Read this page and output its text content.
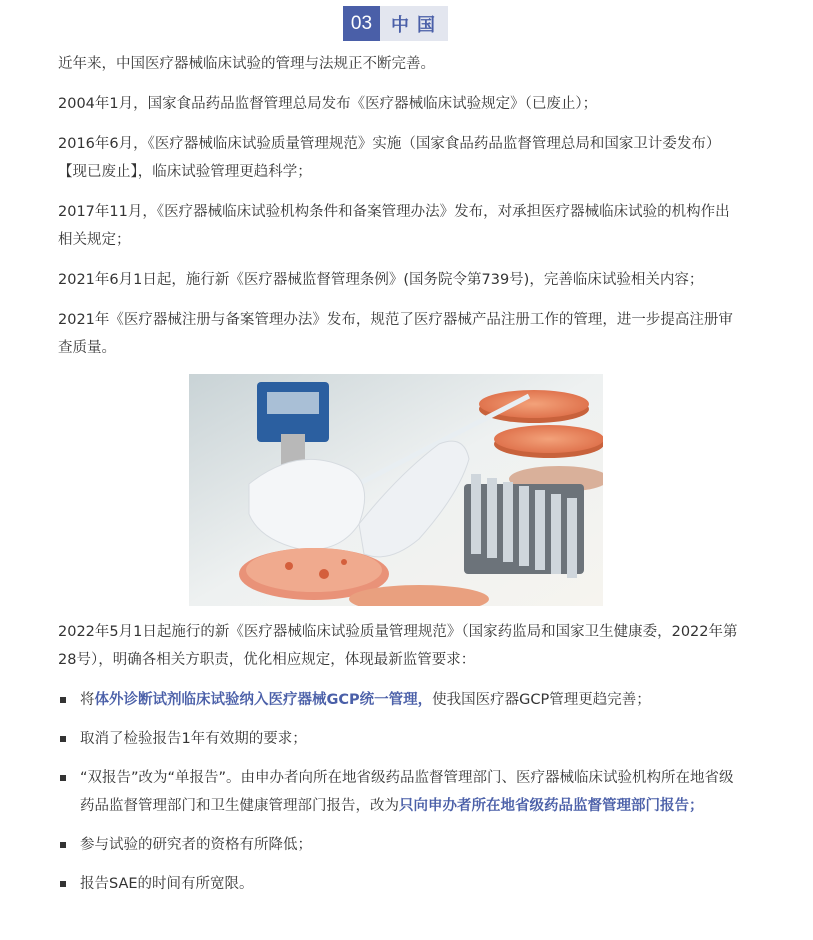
03	中国

近年来，中国医疗器械临床试验的管理与法规正不断完善。

2004年1月，国家食品药品监督管理总局发布《医疗器械临床试验规定》（已废止）；

2016年6月，《医疗器械临床试验质量管理规范》实施（国家食品药品监督管理总局和国家卫计委发布）【现已废止】，临床试验管理更趋科学；

2017年11月，《医疗器械临床试验机构条件和备案管理办法》发布，对承担医疗器械临床试验的机构作出相关规定；

2021年6月1日起，施行新《医疗器械监督管理条例》(国务院令第739号)，完善临床试验相关内容；

2021年《医疗器械注册与备案管理办法》发布，规范了医疗器械产品注册工作的管理，进一步提高注册审查质量。

2022年5月1日起施行的新《医疗器械临床试验质量管理规范》（国家药监局和国家卫生健康委，2022年第28号），明确各相关方职责，优化相应规定，体现最新监管要求：

将体外诊断试剂临床试验纳入医疗器械GCP统一管理，使我国医疗器GCP管理更趋完善；
取消了检验报告1年有效期的要求；
“双报告”改为“单报告”。由申办者向所在地省级药品监督管理部门、医疗器械临床试验机构所在地省级药品监督管理部门和卫生健康管理部门报告，改为只向申办者所在地省级药品监督管理部门报告；
参与试验的研究者的资格有所降低；
报告SAE的时间有所宽限。
